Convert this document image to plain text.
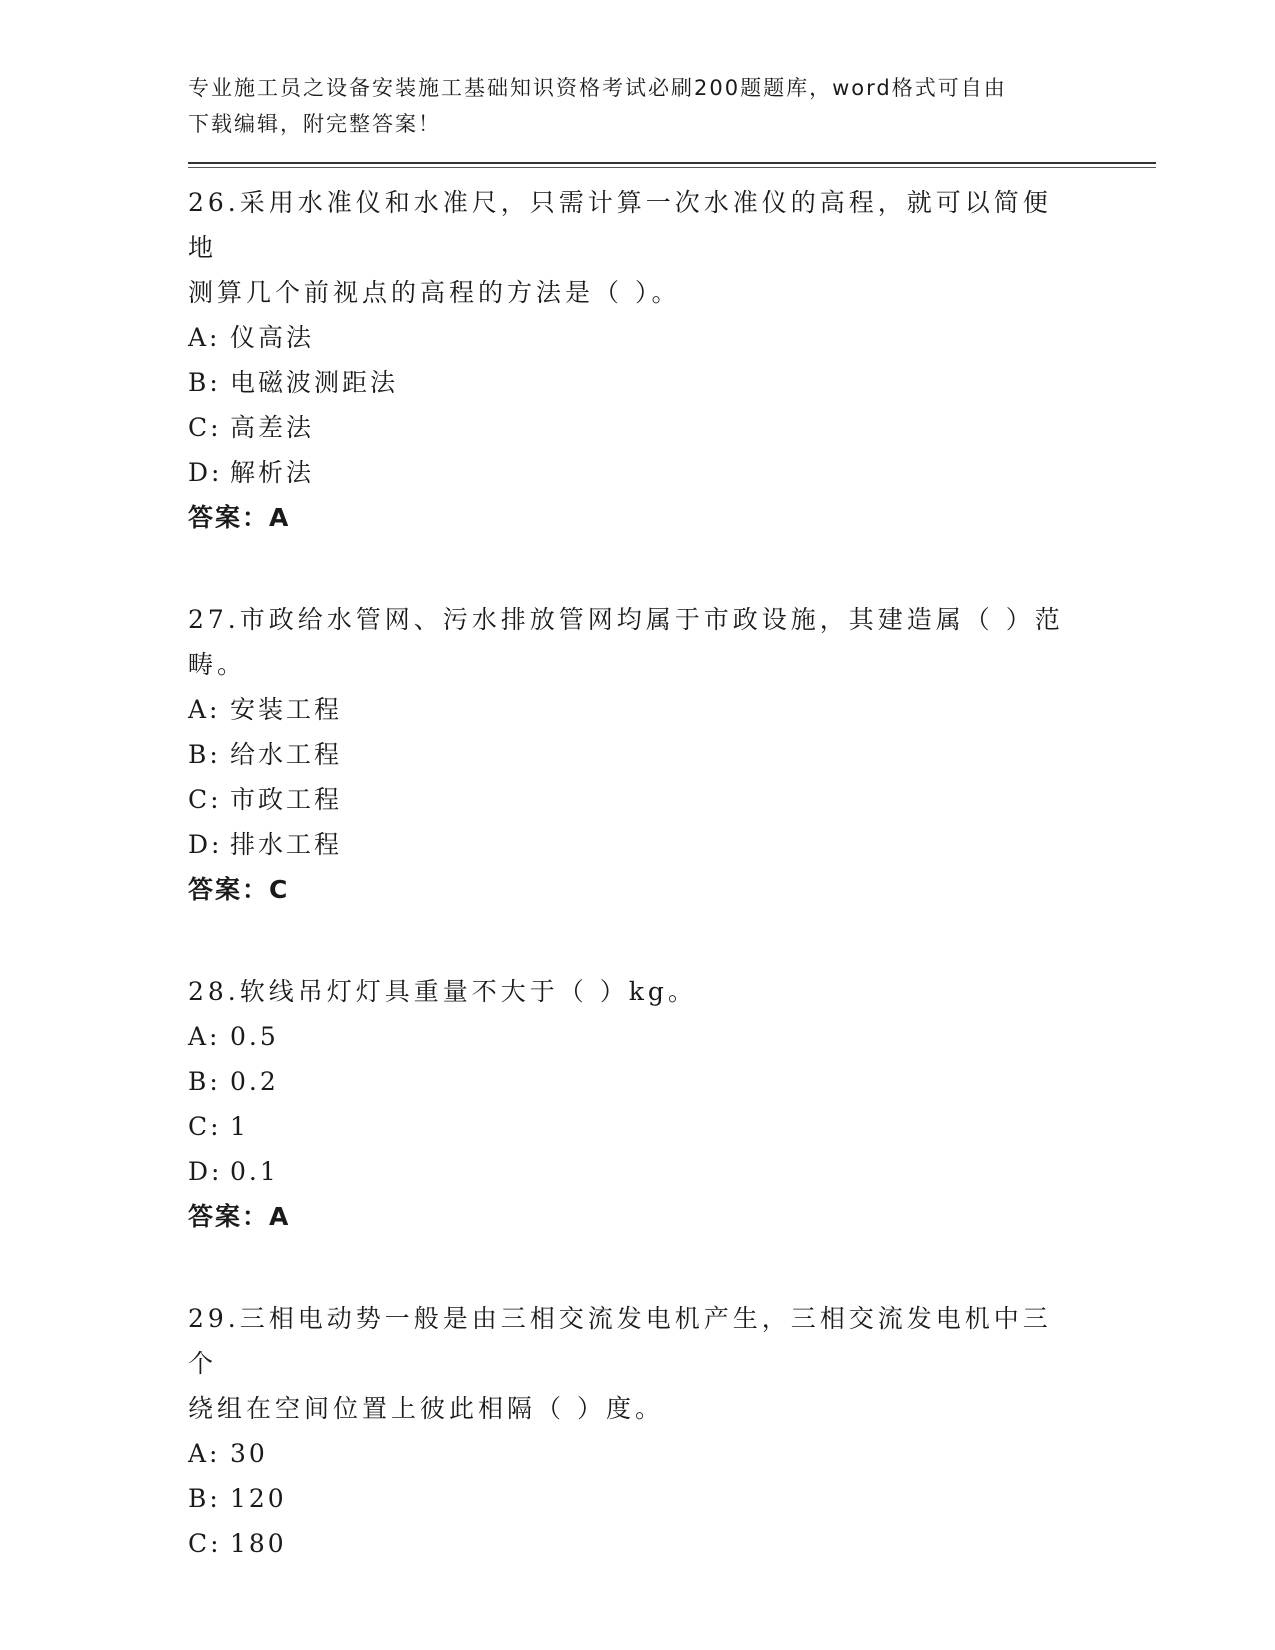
专业施工员之设备安装施工基础知识资格考试必刷200题题库，word格式可自由
下载编辑，附完整答案！
26.采用水准仪和水准尺，只需计算一次水准仪的高程，就可以简便地
测算几个前视点的高程的方法是（ ）。
A: 仪高法
B: 电磁波测距法
C: 高差法
D: 解析法
答案：A
27.市政给水管网、污水排放管网均属于市政设施，其建造属（ ）范
畴。
A: 安装工程
B: 给水工程
C: 市政工程
D: 排水工程
答案：C
28.软线吊灯灯具重量不大于（ ）kg。
A: 0.5
B: 0.2
C: 1
D: 0.1
答案：A
29.三相电动势一般是由三相交流发电机产生，三相交流发电机中三个
绕组在空间位置上彼此相隔（ ）度。
A: 30
B: 120
C: 180
